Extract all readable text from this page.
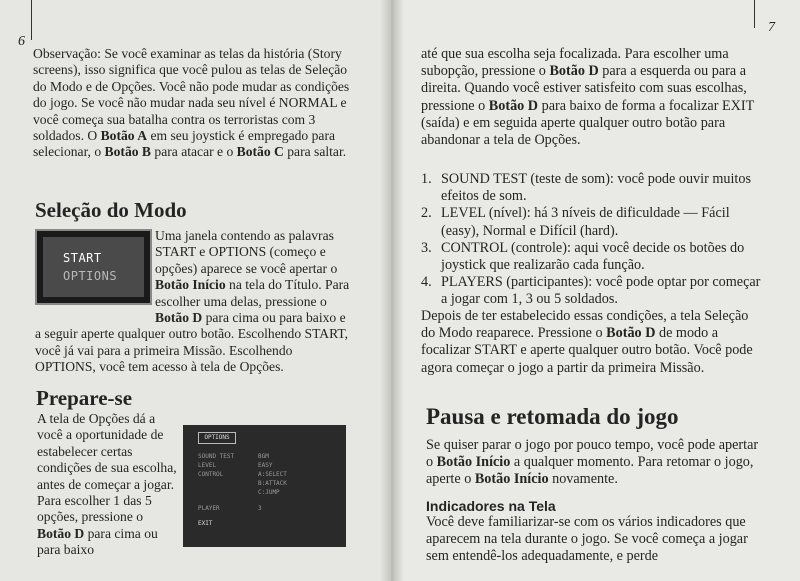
6

Observação: Se você examinar as telas da história (Story screens), isso significa que você pulou as telas de Seleção do Modo e de Opções. Você não pode mudar as condições do jogo. Se você não mudar nada seu nível é NORMAL e você começa sua batalha contra os terroristas com 3 soldados. O Botão A em seu joystick é empregado para selecionar, o Botão B para atacar e o Botão C para saltar.

Seleção do Modo
START
OPTIONS

Uma janela contendo as palavras START e OPTIONS (começo e opções) aparece se você apertar o Botão Início na tela do Título. Para escolher uma delas, pressione o Botão D para cima ou para baixo e a seguir aperte qualquer outro botão. Escolhendo START, você já vai para a primeira Missão. Escolhendo OPTIONS, você tem acesso à tela de Opções.

Prepare-se

A tela de Opções dá a você a oportunidade de estabelecer certas condições de sua escolha, antes de começar a jogar. Para escolher 1 das 5 opções, pressione o Botão D para cima ou para baixo

OPTIONS
SOUND TEST	BGM
LEVEL	EASY
CONTROL	A:SELECT
B:ATTACK
C:JUMP
PLAYER	3
EXIT
7

até que sua escolha seja focalizada. Para escolher uma subopção, pressione o Botão D para a esquerda ou para a direita. Quando você estiver satisfeito com suas escolhas, pressione o Botão D para baixo de forma a focalizar EXIT (saída) e em seguida aperte qualquer outro botão para abandonar a tela de Opções.

1. SOUND TEST (teste de som): você pode ouvir muitos efeitos de som.
2. LEVEL (nível): há 3 níveis de dificuldade — Fácil (easy), Normal e Difícil (hard).
3. CONTROL (controle): aqui você decide os botões do joystick que realizarão cada função.
4. PLAYERS (participantes): você pode optar por começar a jogar com 1, 3 ou 5 soldados.

Depois de ter estabelecido essas condições, a tela Seleção do Modo reaparece. Pressione o Botão D de modo a focalizar START e aperte qualquer outro botão. Você pode agora começar o jogo a partir da primeira Missão.

Pausa e retomada do jogo

Se quiser parar o jogo por pouco tempo, você pode apertar o Botão Início a qualquer momento. Para retomar o jogo, aperte o Botão Início novamente.

Indicadores na Tela

Você deve familiarizar-se com os vários indicadores que aparecem na tela durante o jogo. Se você começa a jogar sem entendê-los adequadamente, e perde
